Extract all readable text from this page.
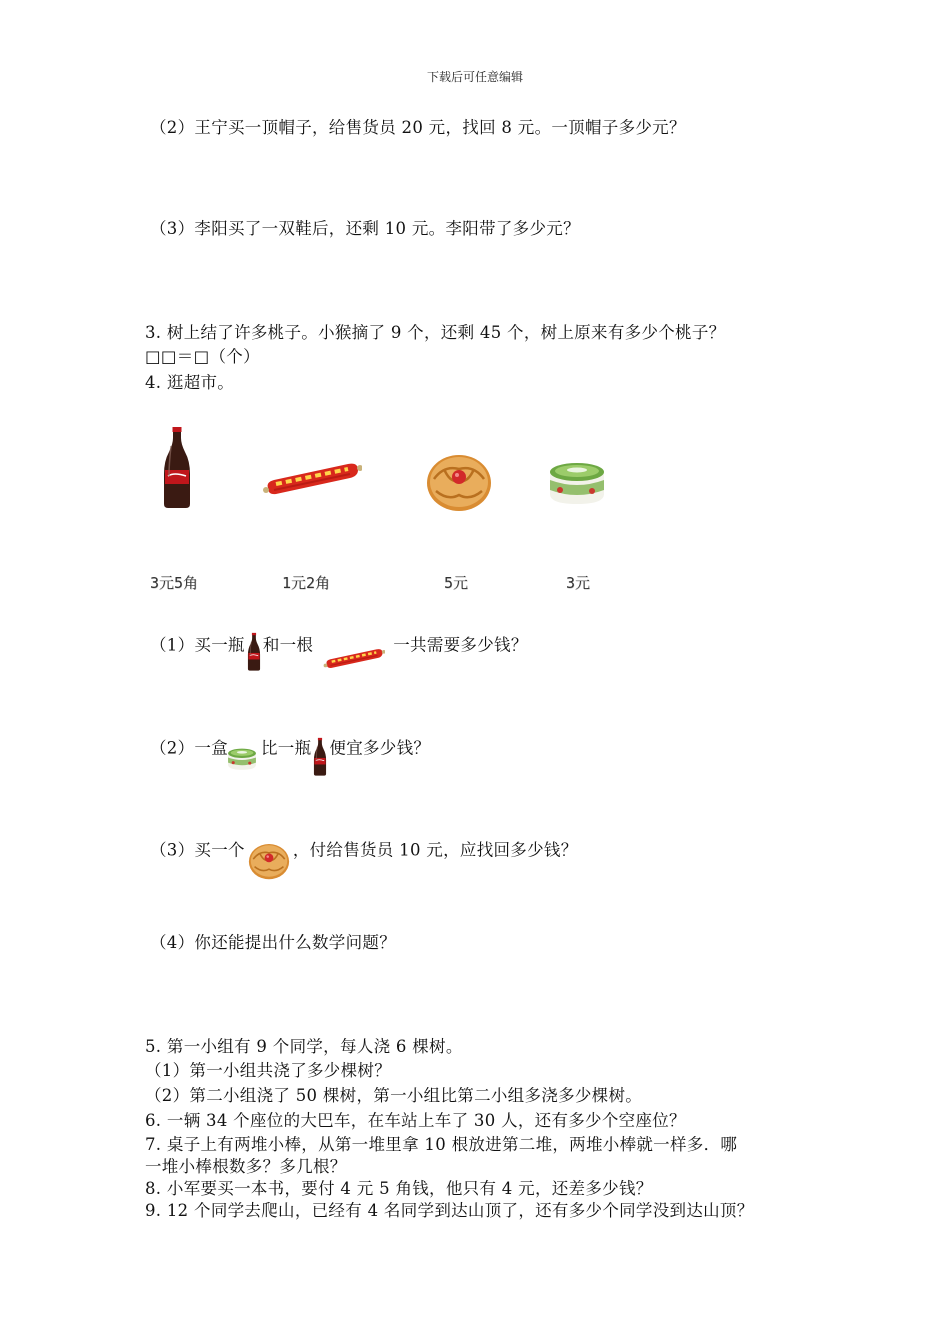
下载后可任意编辑
（2）王宁买一顶帽子，给售货员 20 元，找回 8 元。一顶帽子多少元？
（3）李阳买了一双鞋后，还剩 10 元。李阳带了多少元？
3. 树上结了许多桃子。小猴摘了 9 个，还剩 45 个，树上原来有多少个桃子？
□□＝□（个）
4. 逛超市。
3元5角	1元2角	5元	3元
（1）买一瓶 和一根	一共需要多少钱？
（2）一盒 比一瓶 便宜多少钱？
（3）买一个	，付给售货员 10 元，应找回多少钱？
（4）你还能提出什么数学问题？
5. 第一小组有 9 个同学，每人浇 6 棵树。
（1）第一小组共浇了多少棵树？
（2）第二小组浇了 50 棵树，第一小组比第二小组多浇多少棵树。
6. 一辆 34 个座位的大巴车，在车站上车了 30 人，还有多少个空座位？
7. 桌子上有两堆小棒，从第一堆里拿 10 根放进第二堆，两堆小棒就一样多．哪
一堆小棒根数多？多几根？
8. 小军要买一本书，要付 4 元 5 角钱，他只有 4 元，还差多少钱？
9. 12 个同学去爬山，已经有 4 名同学到达山顶了，还有多少个同学没到达山顶？
